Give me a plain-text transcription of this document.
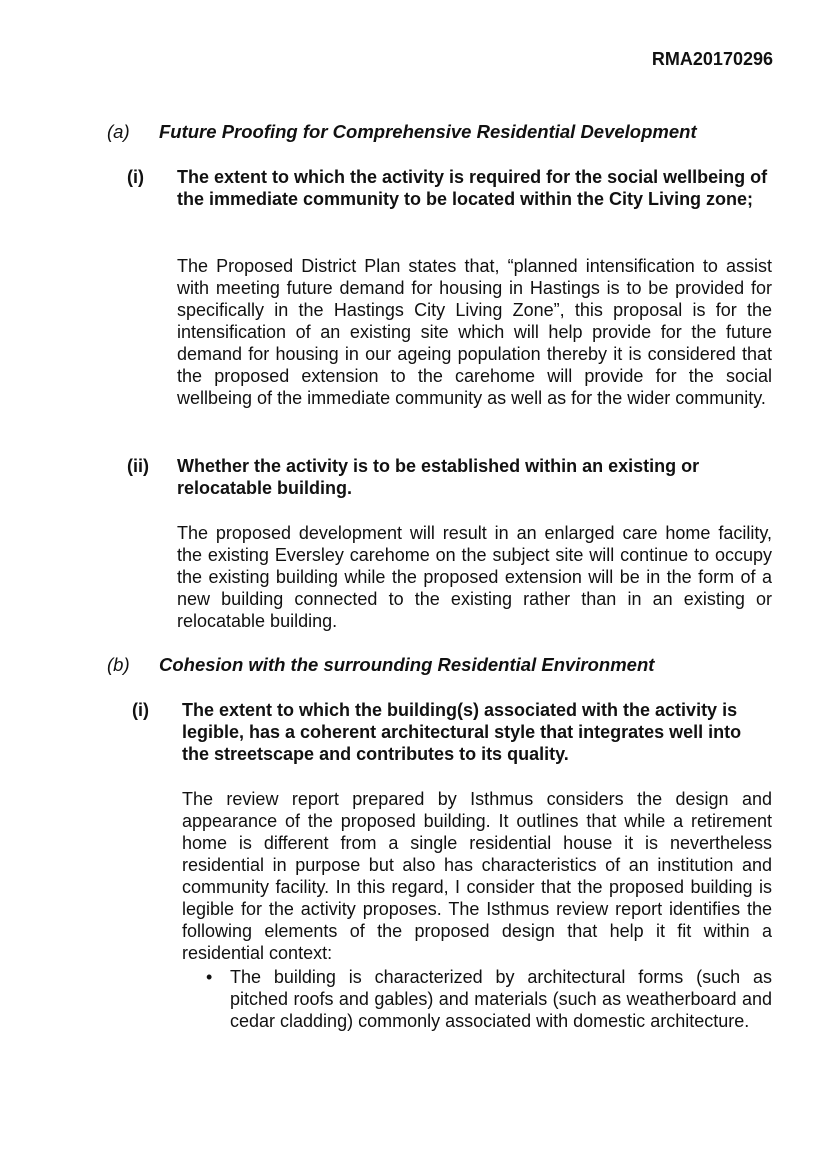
RMA20170296
(a) Future Proofing for Comprehensive Residential Development
(i) The extent to which the activity is required for the social wellbeing of the immediate community to be located within the City Living zone;
The Proposed District Plan states that, “planned intensification to assist with meeting future demand for housing in Hastings is to be provided for specifically in the Hastings City Living Zone”, this proposal is for the intensification of an existing site which will help provide for the future demand for housing in our ageing population thereby it is considered that the proposed extension to the carehome will provide for the social wellbeing of the immediate community as well as for the wider community.
(ii) Whether the activity is to be established within an existing or relocatable building.
The proposed development will result in an enlarged care home facility, the existing Eversley carehome on the subject site will continue to occupy the existing building while the proposed extension will be in the form of a new building connected to the existing rather than in an existing or relocatable building.
(b) Cohesion with the surrounding Residential Environment
(i) The extent to which the building(s) associated with the activity is legible, has a coherent architectural style that integrates well into the streetscape and contributes to its quality.
The review report prepared by Isthmus considers the design and appearance of the proposed building. It outlines that while a retirement home is different from a single residential house it is nevertheless residential in purpose but also has characteristics of an institution and community facility. In this regard, I consider that the proposed building is legible for the activity proposes. The Isthmus review report identifies the following elements of the proposed design that help it fit within a residential context:
• The building is characterized by architectural forms (such as pitched roofs and gables) and materials (such as weatherboard and cedar cladding) commonly associated with domestic architecture.
